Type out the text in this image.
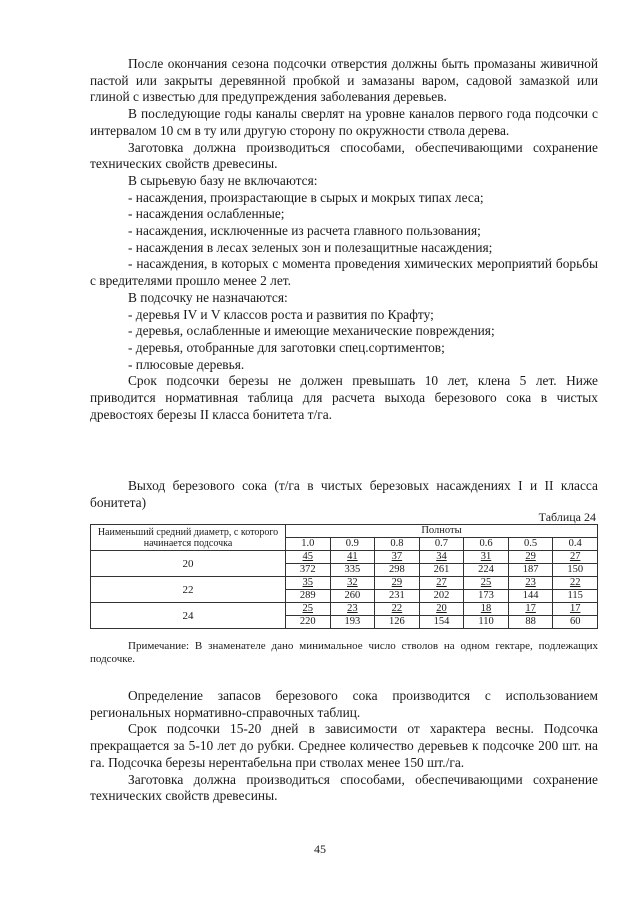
После окончания сезона подсочки отверстия должны быть промазаны живичной пастой или закрыты деревянной пробкой и замазаны варом, садовой замазкой или глиной с известью для предупреждения заболевания деревьев.

В последующие годы каналы сверлят на уровне каналов первого года подсочки с интервалом 10 см в ту или другую сторону по окружности ствола дерева.

Заготовка должна производиться способами, обеспечивающими сохранение технических свойств древесины.

В сырьевую базу не включаются:

- насаждения, произрастающие в сырых и мокрых типах леса;

- насаждения ослабленные;

- насаждения, исключенные из расчета главного пользования;

- насаждения в лесах зеленых зон и полезащитные насаждения;

- насаждения, в которых с момента проведения химических мероприятий борьбы с вредителями прошло менее 2 лет.

В подсочку не назначаются:

- деревья IV и V классов роста и развития по Крафту;

- деревья, ослабленные и имеющие механические повреждения;

- деревья, отобранные для заготовки спец.сортиментов;

- плюсовые деревья.

Срок подсочки березы не должен превышать 10 лет, клена 5 лет. Ниже приводится нормативная таблица для расчета выхода березового сока в чистых древостоях березы II класса бонитета т/га.

Выход березового сока (т/га в чистых березовых насаждениях I и II класса бонитета)

Таблица 24
Наименьший средний диаметр, с которого начинается подсочка	Полноты						
	1.0	0.9	0.8	0.7	0.6	0.5	0.4
20	45	41	37	34	31	29	27
	372	335	298	261	224	187	150
22	35	32	29	27	25	23	22
	289	260	231	202	173	144	115
24	25	23	22	20	18	17	17
	220	193	126	154	110	88	60

Примечание: В знаменателе дано минимальное число стволов на одном гектаре, подлежащих подсочке.

Определение запасов березового сока производится с использованием региональных нормативно-справочных таблиц.

Срок подсочки 15-20 дней в зависимости от характера весны. Подсочка прекращается за 5-10 лет до рубки. Среднее количество деревьев к подсочке 200 шт. на га. Подсочка березы нерентабельна при стволах менее 150 шт./га.

Заготовка должна производиться способами, обеспечивающими сохранение технических свойств древесины.

45
